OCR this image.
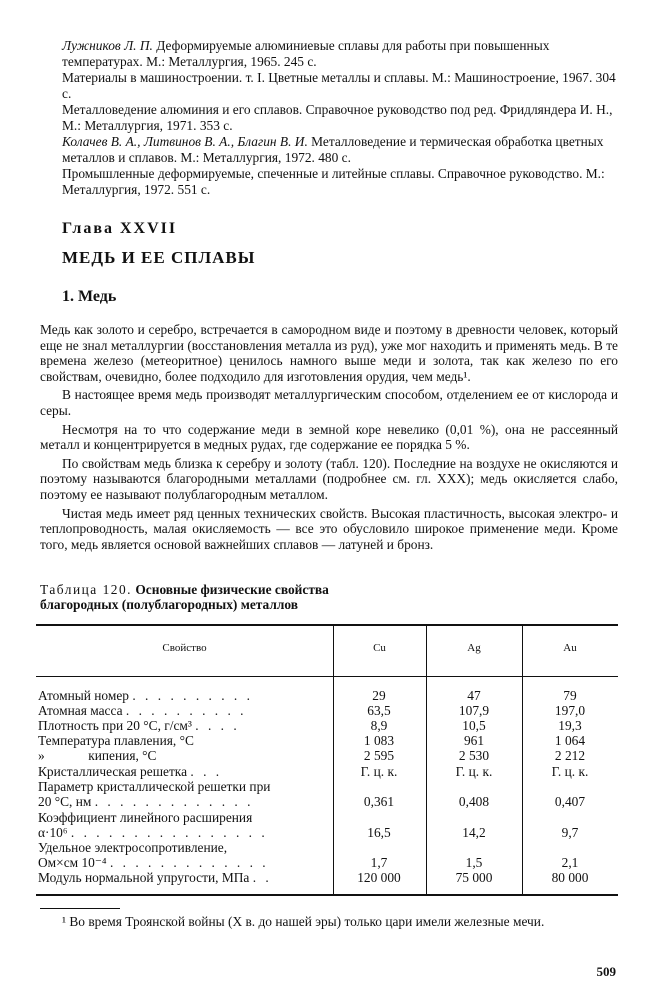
Лужников Л. П. Деформируемые алюминиевые сплавы для работы при повышенных температурах. М.: Металлургия, 1965. 245 с.

Материалы в машиностроении. т. I. Цветные металлы и сплавы. М.: Машиностроение, 1967. 304 с.

Металловедение алюминия и его сплавов. Справочное руководство под ред. Фридляндера И. Н., М.: Металлургия, 1971. 353 с.

Колачев В. А., Литвинов В. А., Благин В. И. Металловедение и термическая обработка цветных металлов и сплавов. М.: Металлургия, 1972. 480 с.

Промышленные деформируемые, спеченные и литейные сплавы. Справочное руководство. М.: Металлургия, 1972. 551 с.

Глава XXVII
МЕДЬ И ЕЕ СПЛАВЫ
1. Медь

Медь как золото и серебро, встречается в самородном виде и поэтому в древности человек, который еще не знал металлургии (восстановления металла из руд), уже мог находить и применять медь. В те времена железо (метеоритное) ценилось намного выше меди и золота, так как железо по его свойствам, очевидно, более подходило для изготовления орудия, чем медь¹.

В настоящее время медь производят металлургическим способом, отделением ее от кислорода и серы.

Несмотря на то что содержание меди в земной коре невелико (0,01 %), она не рассеянный металл и концентрируется в медных рудах, где содержание ее порядка 5 %.

По свойствам медь близка к серебру и золоту (табл. 120). Последние на воздухе не окисляются и поэтому называются благородными металлами (подробнее см. гл. XXX); медь окисляется слабо, поэтому ее называют полублагородным металлом.

Чистая медь имеет ряд ценных технических свойств. Высокая пластичность, высокая электро- и теплопроводность, малая окисляемость — все это обусловило широкое применение меди. Кроме того, медь является основой важнейших сплавов — латуней и бронз.

Таблица 120. Основные физические свойства
благородных (полублагородных) металлов
Свойство	Cu	Ag	Au
Атомный номер . . . . . . . . . .	29	47	79
Атомная масса . . . . . . . . . .	63,5	107,9	197,0
Плотность при 20 °С, г/см³ . . . .	8,9	10,5	19,3
Температура плавления, °С	1 083	961	1 064
»             кипения, °С	2 595	2 530	2 212
Кристаллическая решетка . . .	Г. ц. к.	Г. ц. к.	Г. ц. к.
Параметр кристаллической решетки при
20 °С, нм . . . . . . . . . . . . .	0,361	0,408	0,407
Коэффициент линейного расширения
α·10⁶ . . . . . . . . . . . . . . . .	16,5	14,2	9,7
Удельное электросопротивление,
Ом×см 10⁻⁴ . . . . . . . . . . . . .	1,7	1,5	2,1
Модуль нормальной упругости, МПа . .	120 000	75 000	80 000
¹ Во время Троянской войны (X в. до нашей эры) только цари имели железные мечи.
509
